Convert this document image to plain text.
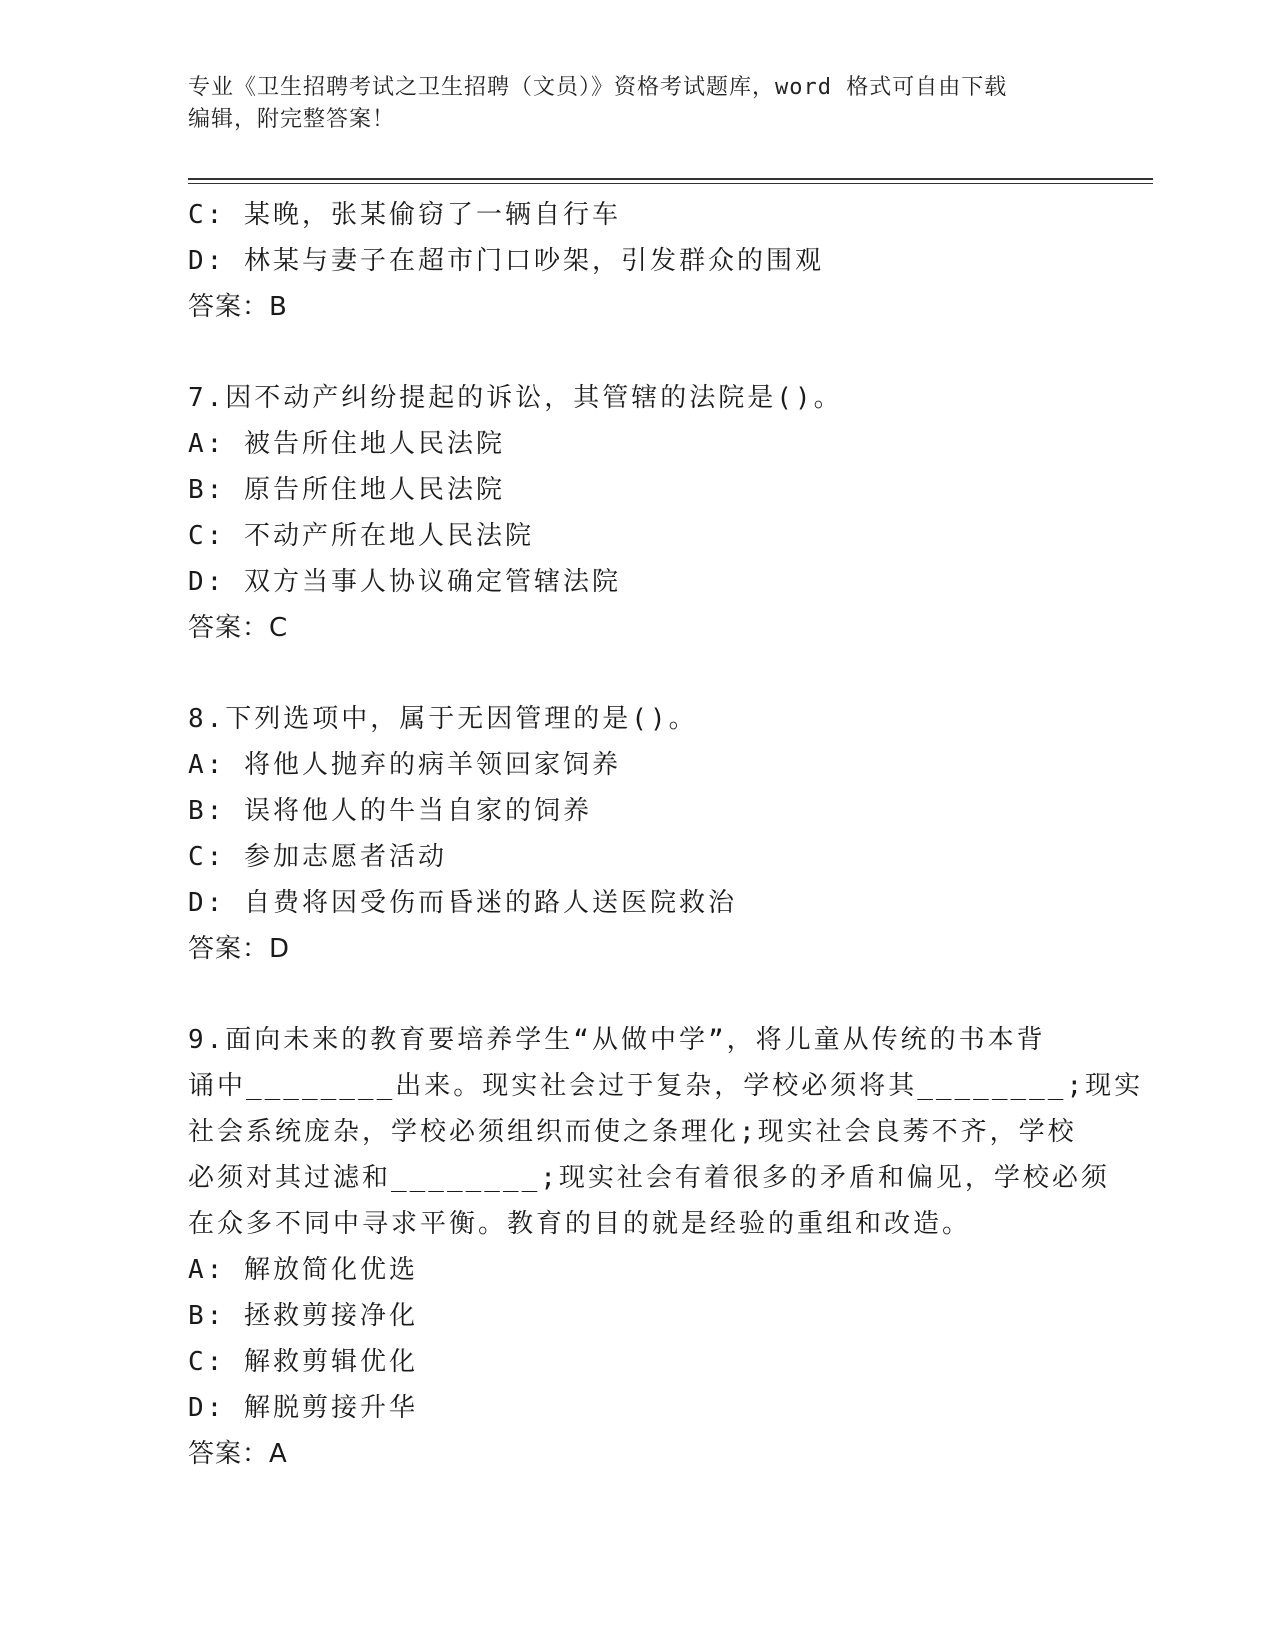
专业《卫生招聘考试之卫生招聘（文员）》资格考试题库，word 格式可自由下载
编辑，附完整答案！
C: 某晚，张某偷窃了一辆自行车
D: 林某与妻子在超市门口吵架，引发群众的围观
答案：B
7.因不动产纠纷提起的诉讼，其管辖的法院是()。
A: 被告所住地人民法院
B: 原告所住地人民法院
C: 不动产所在地人民法院
D: 双方当事人协议确定管辖法院
答案：C
8.下列选项中，属于无因管理的是()。
A: 将他人抛弃的病羊领回家饲养
B: 误将他人的牛当自家的饲养
C: 参加志愿者活动
D: 自费将因受伤而昏迷的路人送医院救治
答案：D
9.面向未来的教育要培养学生“从做中学”，将儿童从传统的书本背
诵中________出来。现实社会过于复杂，学校必须将其________;现实
社会系统庞杂，学校必须组织而使之条理化;现实社会良莠不齐，学校
必须对其过滤和________;现实社会有着很多的矛盾和偏见，学校必须
在众多不同中寻求平衡。教育的目的就是经验的重组和改造。
A: 解放简化优选
B: 拯救剪接净化
C: 解救剪辑优化
D: 解脱剪接升华
答案：A
